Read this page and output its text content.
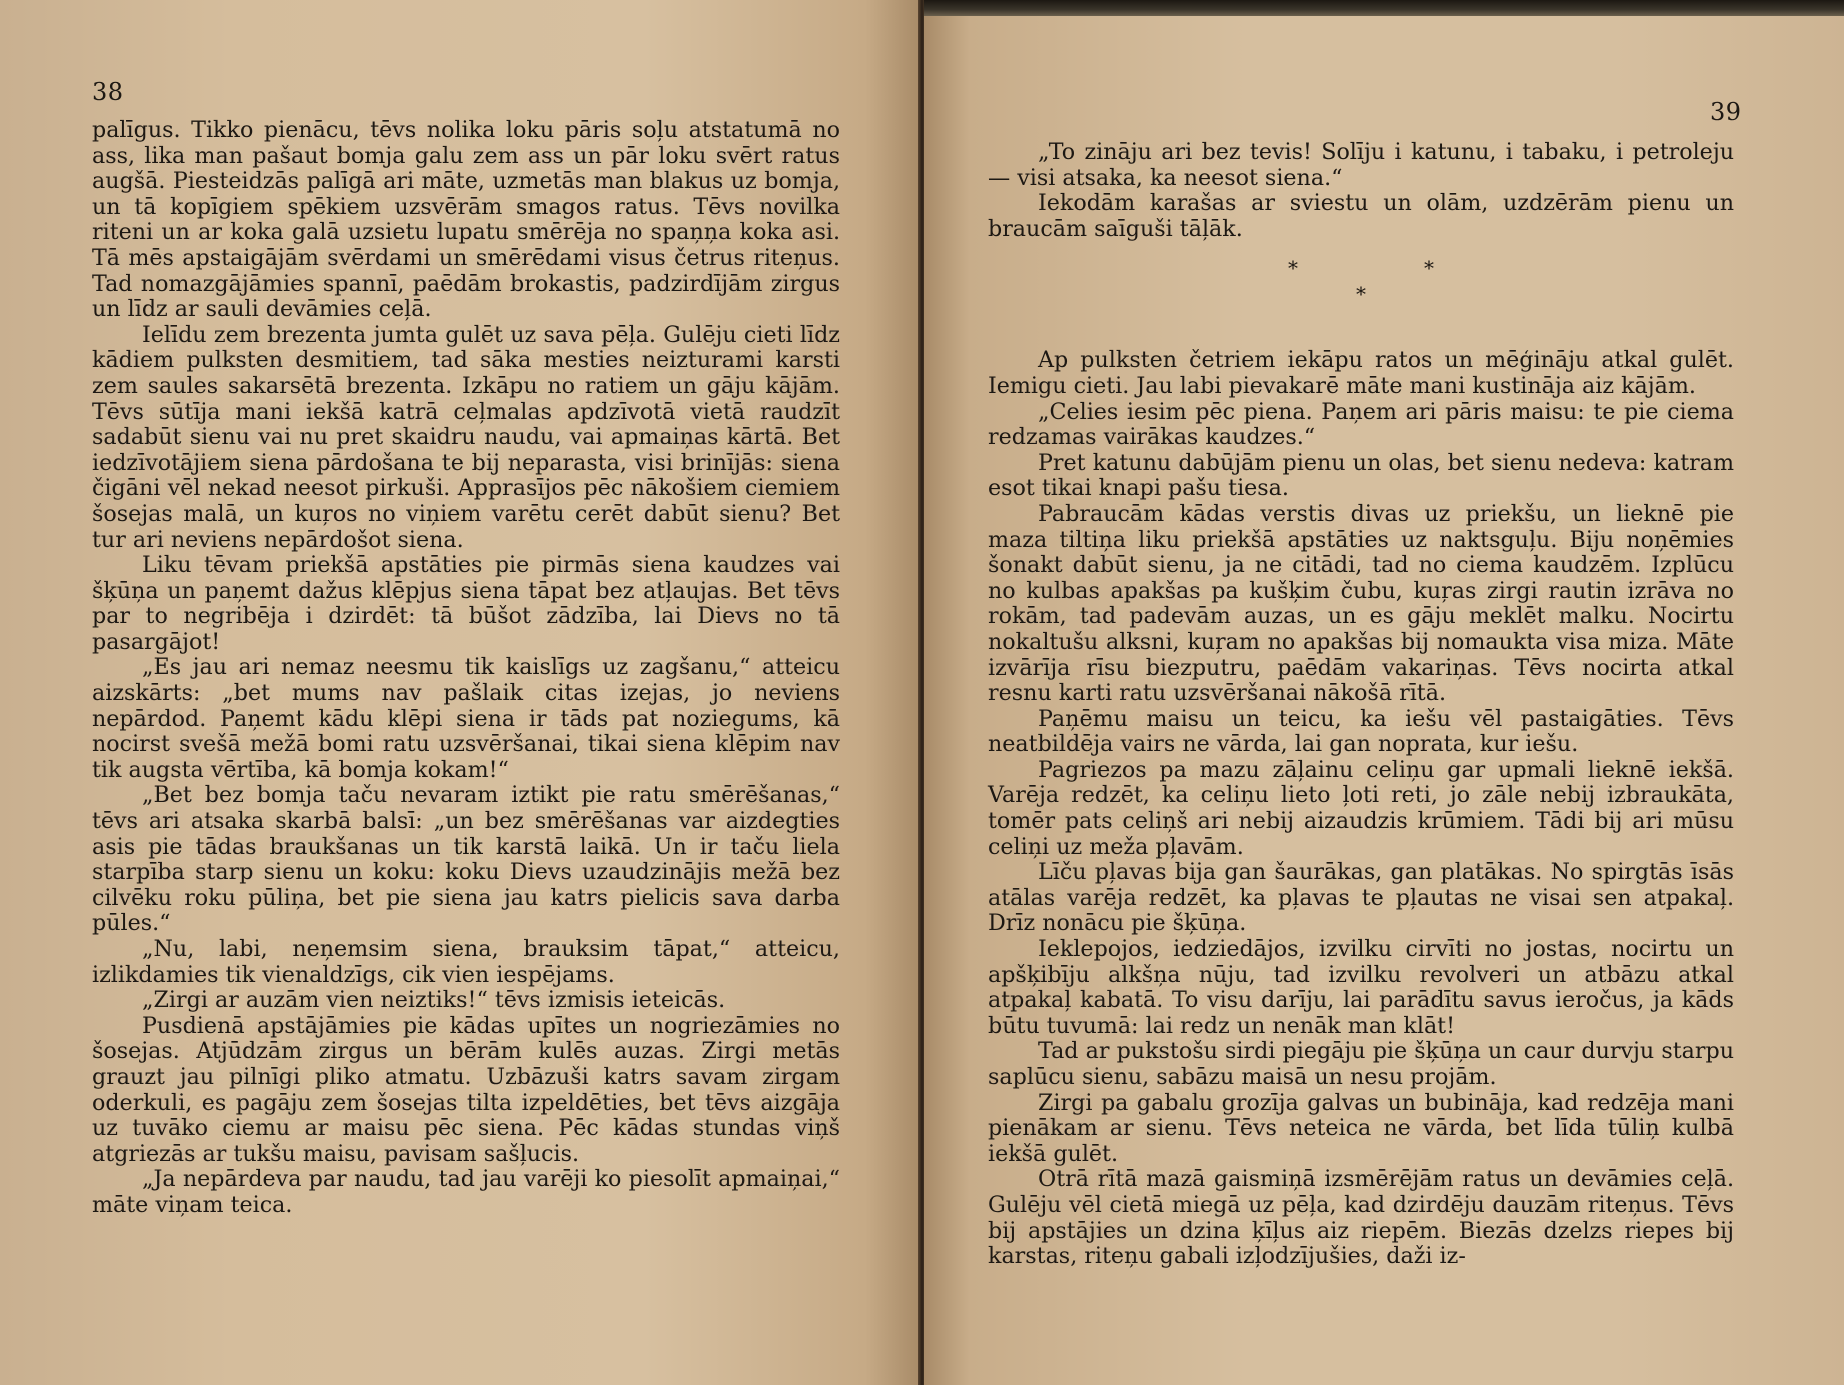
38

palīgus. Tikko pienācu, tēvs nolika loku pāris soļu atstatumā no ass, lika man pašaut bomja galu zem ass un pār loku svērt ratus augšā. Piesteidzās palīgā ari māte, uzmetās man blakus uz bomja, un tā kopīgiem spēkiem uzsvērām smagos ratus. Tēvs novilka riteni un ar koka galā uzsietu lupatu smērēja no spaņņa koka asi. Tā mēs apstaigājām svērdami un smērēdami visus četrus riteņus. Tad nomazgājāmies spannī, paēdām brokastis, padzirdījām zirgus un līdz ar sauli devāmies ceļā.

Ielīdu zem brezenta jumta gulēt uz sava pēļa. Gulēju cieti līdz kādiem pulksten desmitiem, tad sāka mesties neizturami karsti zem saules sakarsētā brezenta. Izkāpu no ratiem un gāju kājām. Tēvs sūtīja mani iekšā katrā ceļmalas apdzīvotā vietā raudzīt sadabūt sienu vai nu pret skaidru naudu, vai apmaiņas kārtā. Bet iedzīvotājiem siena pārdošana te bij neparasta, visi brinījās: siena čigāni vēl nekad neesot pirkuši. Apprasījos pēc nākošiem ciemiem šosejas malā, un kuŗos no viņiem varētu cerēt dabūt sienu? Bet tur ari neviens nepārdošot siena.

Liku tēvam priekšā apstāties pie pirmās siena kaudzes vai šķūņa un paņemt dažus klēpjus siena tāpat bez atļaujas. Bet tēvs par to negribēja i dzirdēt: tā būšot zādzība, lai Dievs no tā pasargājot!

„Es jau ari nemaz neesmu tik kaislīgs uz zagšanu,“ atteicu aizskārts: „bet mums nav pašlaik citas izejas, jo neviens nepārdod. Paņemt kādu klēpi siena ir tāds pat noziegums, kā nocirst svešā mežā bomi ratu uzsvēršanai, tikai siena klēpim nav tik augsta vērtība, kā bomja kokam!“

„Bet bez bomja taču nevaram iztikt pie ratu smērēšanas,“ tēvs ari atsaka skarbā balsī: „un bez smērēšanas var aizdegties asis pie tādas braukšanas un tik karstā laikā. Un ir taču liela starpība starp sienu un koku: koku Dievs uzaudzinājis mežā bez cilvēku roku pūliņa, bet pie siena jau katrs pielicis sava darba pūles.“

„Nu, labi, neņemsim siena, brauksim tāpat,“ atteicu, izlikdamies tik vienaldzīgs, cik vien iespējams.

„Zirgi ar auzām vien neiztiks!“ tēvs izmisis ieteicās.

Pusdienā apstājāmies pie kādas upītes un nogriezāmies no šosejas. Atjūdzām zirgus un bērām kulēs auzas. Zirgi metās grauzt jau pilnīgi pliko atmatu. Uzbāzuši katrs savam zirgam oderkuli, es pagāju zem šosejas tilta izpeldēties, bet tēvs aizgāja uz tuvāko ciemu ar maisu pēc siena. Pēc kādas stundas viņš atgriezās ar tukšu maisu, pavisam sašļucis.

„Ja nepārdeva par naudu, tad jau varēji ko piesolīt apmaiņai,“ māte viņam teica.

39

„To zināju ari bez tevis! Solīju i katunu, i tabaku, i petroleju — visi atsaka, ka neesot siena.“

Iekodām karašas ar sviestu un olām, uzdzērām pienu un braucām saīguši tāļāk.

*	*
*

Ap pulksten četriem iekāpu ratos un mēģināju atkal gulēt. Iemigu cieti. Jau labi pievakarē māte mani kustināja aiz kājām.

„Celies iesim pēc piena. Paņem ari pāris maisu: te pie ciema redzamas vairākas kaudzes.“

Pret katunu dabūjām pienu un olas, bet sienu nedeva: katram esot tikai knapi pašu tiesa.

Pabraucām kādas verstis divas uz priekšu, un lieknē pie maza tiltiņa liku priekšā apstāties uz naktsguļu. Biju noņēmies šonakt dabūt sienu, ja ne citādi, tad no ciema kaudzēm. Izplūcu no kulbas apakšas pa kušķim čubu, kuŗas zirgi rautin izrāva no rokām, tad padevām auzas, un es gāju meklēt malku. Nocirtu nokaltušu alksni, kuŗam no apakšas bij nomaukta visa miza. Māte izvārīja rīsu biezputru, paēdām vakariņas. Tēvs nocirta atkal resnu karti ratu uzsvēršanai nākošā rītā.

Paņēmu maisu un teicu, ka iešu vēl pastaigāties. Tēvs neatbildēja vairs ne vārda, lai gan noprata, kur iešu.

Pagriezos pa mazu zāļainu celiņu gar upmali lieknē iekšā. Varēja redzēt, ka celiņu lieto ļoti reti, jo zāle nebij izbraukāta, tomēr pats celiņš ari nebij aizaudzis krūmiem. Tādi bij ari mūsu celiņi uz meža pļavām.

Līču pļavas bija gan šaurākas, gan platākas. No spirgtās īsās atālas varēja redzēt, ka pļavas te pļautas ne visai sen atpakaļ. Drīz nonācu pie šķūņa.

Ieklepojos, iedziedājos, izvilku cirvīti no jostas, nocirtu un apšķibīju alkšņa nūju, tad izvilku revolveri un atbāzu atkal atpakaļ kabatā. To visu darīju, lai parādītu savus ieročus, ja kāds būtu tuvumā: lai redz un nenāk man klāt!

Tad ar pukstošu sirdi piegāju pie šķūņa un caur durvju starpu saplūcu sienu, sabāzu maisā un nesu projām.

Zirgi pa gabalu grozīja galvas un bubināja, kad redzēja mani pienākam ar sienu. Tēvs neteica ne vārda, bet līda tūliņ kulbā iekšā gulēt.

Otrā rītā mazā gaismiņā izsmērējām ratus un devāmies ceļā. Gulēju vēl cietā miegā uz pēļa, kad dzirdēju dauzām riteņus. Tēvs bij apstājies un dzina ķīļus aiz riepēm. Biezās dzelzs riepes bij karstas, riteņu gabali izļodzījušies, daži iz-
